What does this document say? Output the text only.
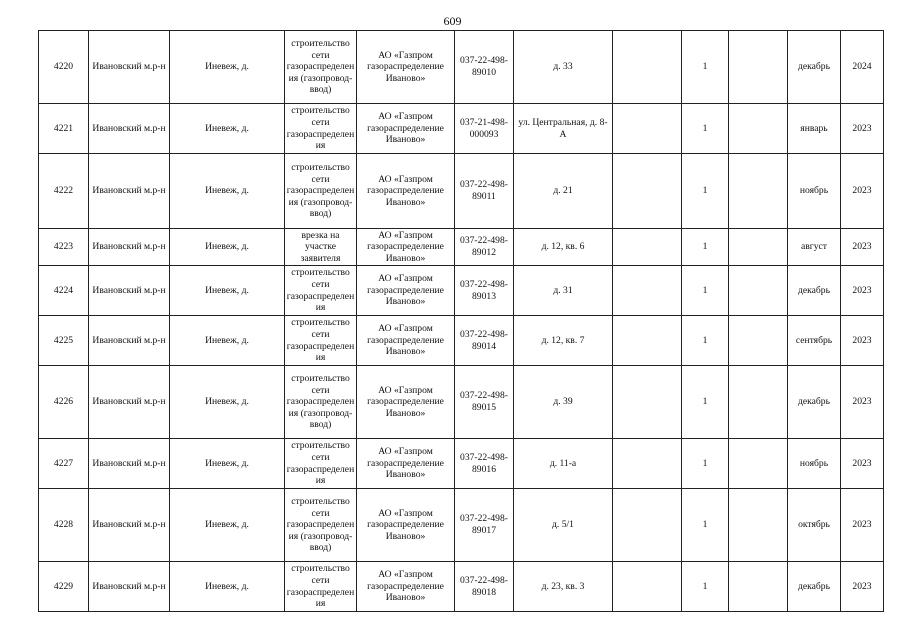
609
4220	Ивановский м.р-н	Иневеж, д.	строительство сети газораспределения (газопровод-ввод)	АО «Газпром газораспределение Иваново»	037-22-498-89010	д. 33		1		декабрь	2024
4221	Ивановский м.р-н	Иневеж, д.	строительство сети газораспределения	АО «Газпром газораспределение Иваново»	037-21-498-000093	ул. Центральная, д. 8-А		1		январь	2023
4222	Ивановский м.р-н	Иневеж, д.	строительство сети газораспределения (газопровод-ввод)	АО «Газпром газораспределение Иваново»	037-22-498-89011	д. 21		1		ноябрь	2023
4223	Ивановский м.р-н	Иневеж, д.	врезка на участке заявителя	АО «Газпром газораспределение Иваново»	037-22-498-89012	д. 12, кв. 6		1		август	2023
4224	Ивановский м.р-н	Иневеж, д.	строительство сети газораспределения	АО «Газпром газораспределение Иваново»	037-22-498-89013	д. 31		1		декабрь	2023
4225	Ивановский м.р-н	Иневеж, д.	строительство сети газораспределения	АО «Газпром газораспределение Иваново»	037-22-498-89014	д. 12, кв. 7		1		сентябрь	2023
4226	Ивановский м.р-н	Иневеж, д.	строительство сети газораспределения (газопровод-ввод)	АО «Газпром газораспределение Иваново»	037-22-498-89015	д. 39		1		декабрь	2023
4227	Ивановский м.р-н	Иневеж, д.	строительство сети газораспределения	АО «Газпром газораспределение Иваново»	037-22-498-89016	д. 11-а		1		ноябрь	2023
4228	Ивановский м.р-н	Иневеж, д.	строительство сети газораспределения (газопровод-ввод)	АО «Газпром газораспределение Иваново»	037-22-498-89017	д. 5/1		1		октябрь	2023
4229	Ивановский м.р-н	Иневеж, д.	строительство сети газораспределения	АО «Газпром газораспределение Иваново»	037-22-498-89018	д. 23, кв. 3		1		декабрь	2023
